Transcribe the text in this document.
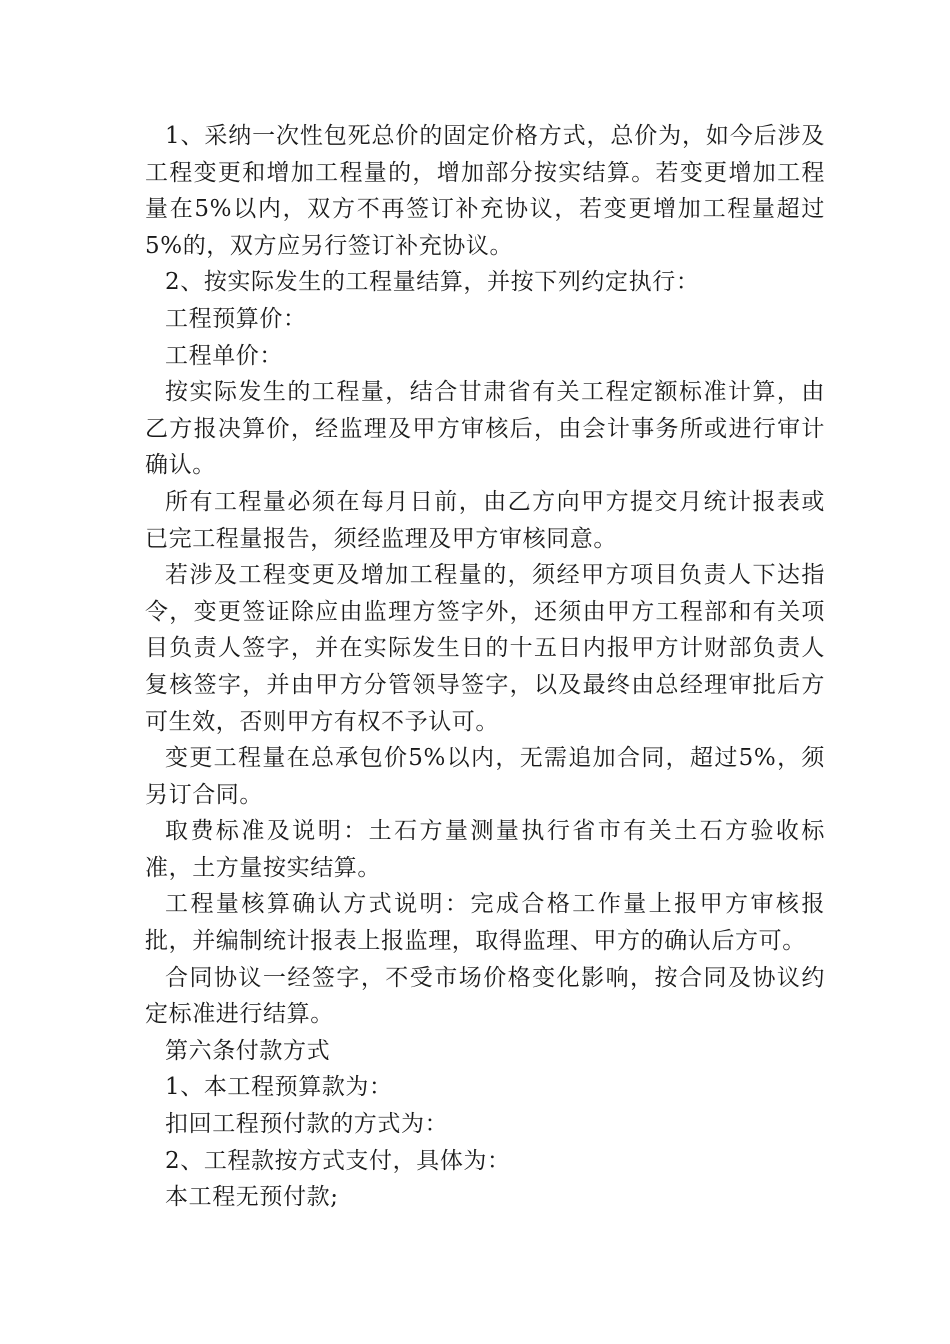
1、采纳一次性包死总价的固定价格方式，总价为，如今后涉及工程变更和增加工程量的，增加部分按实结算。若变更增加工程量在5%以内，双方不再签订补充协议，若变更增加工程量超过5%的，双方应另行签订补充协议。

2、按实际发生的工程量结算，并按下列约定执行：

工程预算价：

工程单价：

按实际发生的工程量，结合甘肃省有关工程定额标准计算，由乙方报决算价，经监理及甲方审核后，由会计事务所或进行审计确认。

所有工程量必须在每月日前，由乙方向甲方提交月统计报表或已完工程量报告，须经监理及甲方审核同意。

若涉及工程变更及增加工程量的，须经甲方项目负责人下达指令，变更签证除应由监理方签字外，还须由甲方工程部和有关项目负责人签字，并在实际发生日的十五日内报甲方计财部负责人复核签字，并由甲方分管领导签字，以及最终由总经理审批后方可生效，否则甲方有权不予认可。

变更工程量在总承包价5%以内，无需追加合同，超过5%，须另订合同。

取费标准及说明：土石方量测量执行省市有关土石方验收标准，土方量按实结算。

工程量核算确认方式说明：完成合格工作量上报甲方审核报批，并编制统计报表上报监理，取得监理、甲方的确认后方可。

合同协议一经签字，不受市场价格变化影响，按合同及协议约定标准进行结算。

第六条付款方式

1、本工程预算款为：

扣回工程预付款的方式为：

2、工程款按方式支付，具体为：

本工程无预付款;
